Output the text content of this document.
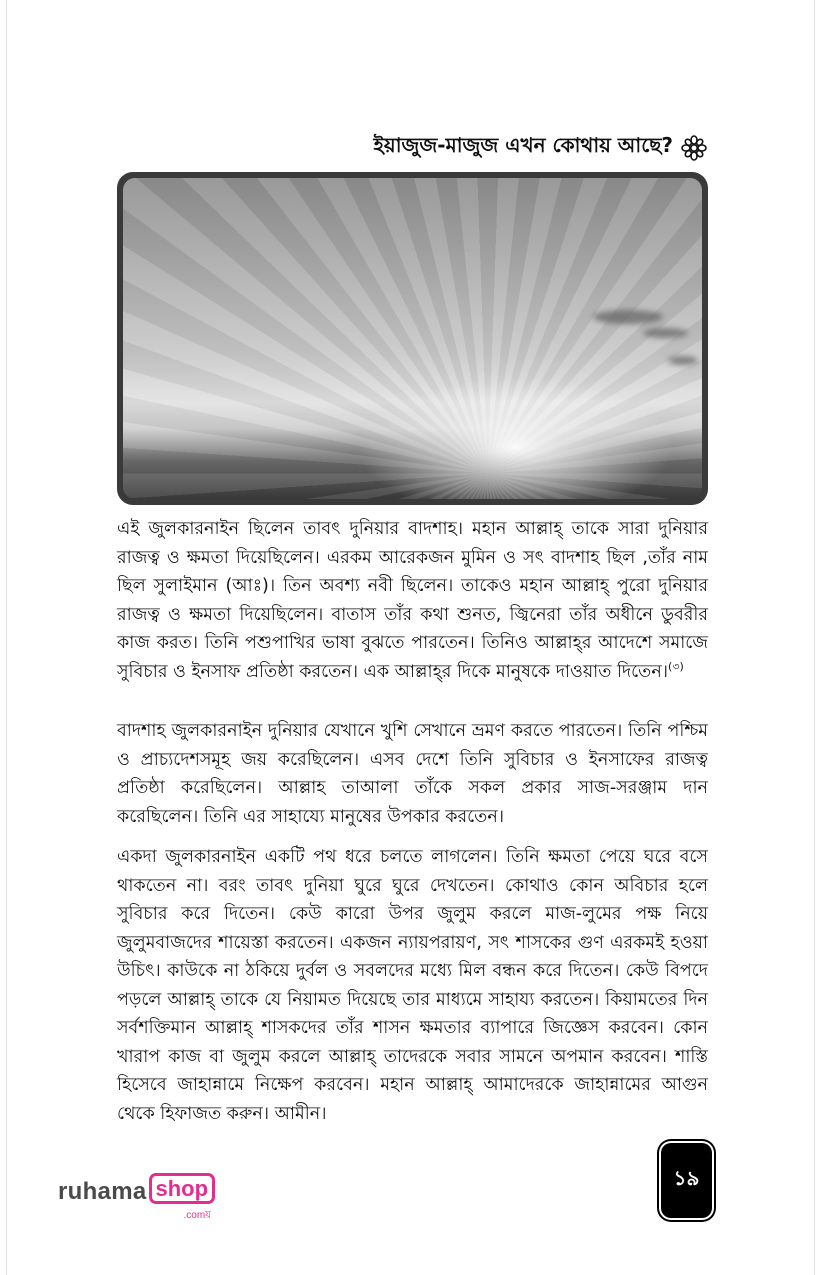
ইয়াজুজ-মাজুজ এখন কোথায় আছে?

এই জুলকারনাইন ছিলেন তাবৎ দুনিয়ার বাদশাহ। মহান আল্লাহ্ তাকে সারা দুনিয়ার রাজত্ব ও ক্ষমতা দিয়েছিলেন। এরকম আরেকজন মুমিন ও সৎ বাদশাহ ছিল ,তাঁর নাম ছিল সুলাইমান (আঃ)। তিন অবশ্য নবী ছিলেন। তাকেও মহান আল্লাহ্ পুরো দুনিয়ার রাজত্ব ও ক্ষমতা দিয়েছিলেন। বাতাস তাঁর কথা শুনত, জ্বিনেরা তাঁর অধীনে ডুবরীর কাজ করত। তিনি পশুপাখির ভাষা বুঝতে পারতেন। তিনিও আল্লাহ্‌র আদেশে সমাজে সুবিচার ও ইনসাফ প্রতিষ্ঠা করতেন। এক আল্লাহ্‌র দিকে মানুষকে দাওয়াত দিতেন।$^{(৩)}$

বাদশাহ জুলকারনাইন দুনিয়ার যেখানে খুশি সেখানে ভ্রমণ করতে পারতেন। তিনি পশ্চিম ও প্রাচ্যদেশসমূহ জয় করেছিলেন। এসব দেশে তিনি সুবিচার ও ইনসাফের রাজত্ব প্রতিষ্ঠা করেছিলেন। আল্লাহ তাআলা তাঁকে সকল প্রকার সাজ-সরঞ্জাম দান করেছিলেন। তিনি এর সাহায্যে মানুষের উপকার করতেন।

একদা জুলকারনাইন একটি পথ ধরে চলতে লাগলেন। তিনি ক্ষমতা পেয়ে ঘরে বসে থাকতেন না। বরং তাবৎ দুনিয়া ঘুরে ঘুরে দেখতেন। কোথাও কোন অবিচার হলে সুবিচার করে দিতেন। কেউ কারো উপর জুলুম করলে মাজ-লুমের পক্ষ নিয়ে জুলুমবাজদের শায়েস্তা করতেন। একজন ন্যায়পরায়ণ, সৎ শাসকের গুণ এরকমই হওয়া উচিৎ। কাউকে না ঠকিয়ে দুর্বল ও সবলদের মধ্যে মিল বন্ধন করে দিতেন। কেউ বিপদে পড়লে আল্লাহ্ তাকে যে নিয়ামত দিয়েছে তার মাধ্যমে সাহায্য করতেন। কিয়ামতের দিন সর্বশক্তিমান আল্লাহ্ শাসকদের তাঁর শাসন ক্ষমতার ব্যাপারে জিজ্ঞেস করবেন। কোন খারাপ কাজ বা জুলুম করলে আল্লাহ্ তাদেরকে সবার সামনে অপমান করবেন। শাস্তি হিসেবে জাহান্নামে নিক্ষেপ করবেন। মহান আল্লাহ্ আমাদেরকে জাহান্নামের আগুন থেকে হিফাজত করুন। আমীন।

ruhama shop
.comয়
১৯
